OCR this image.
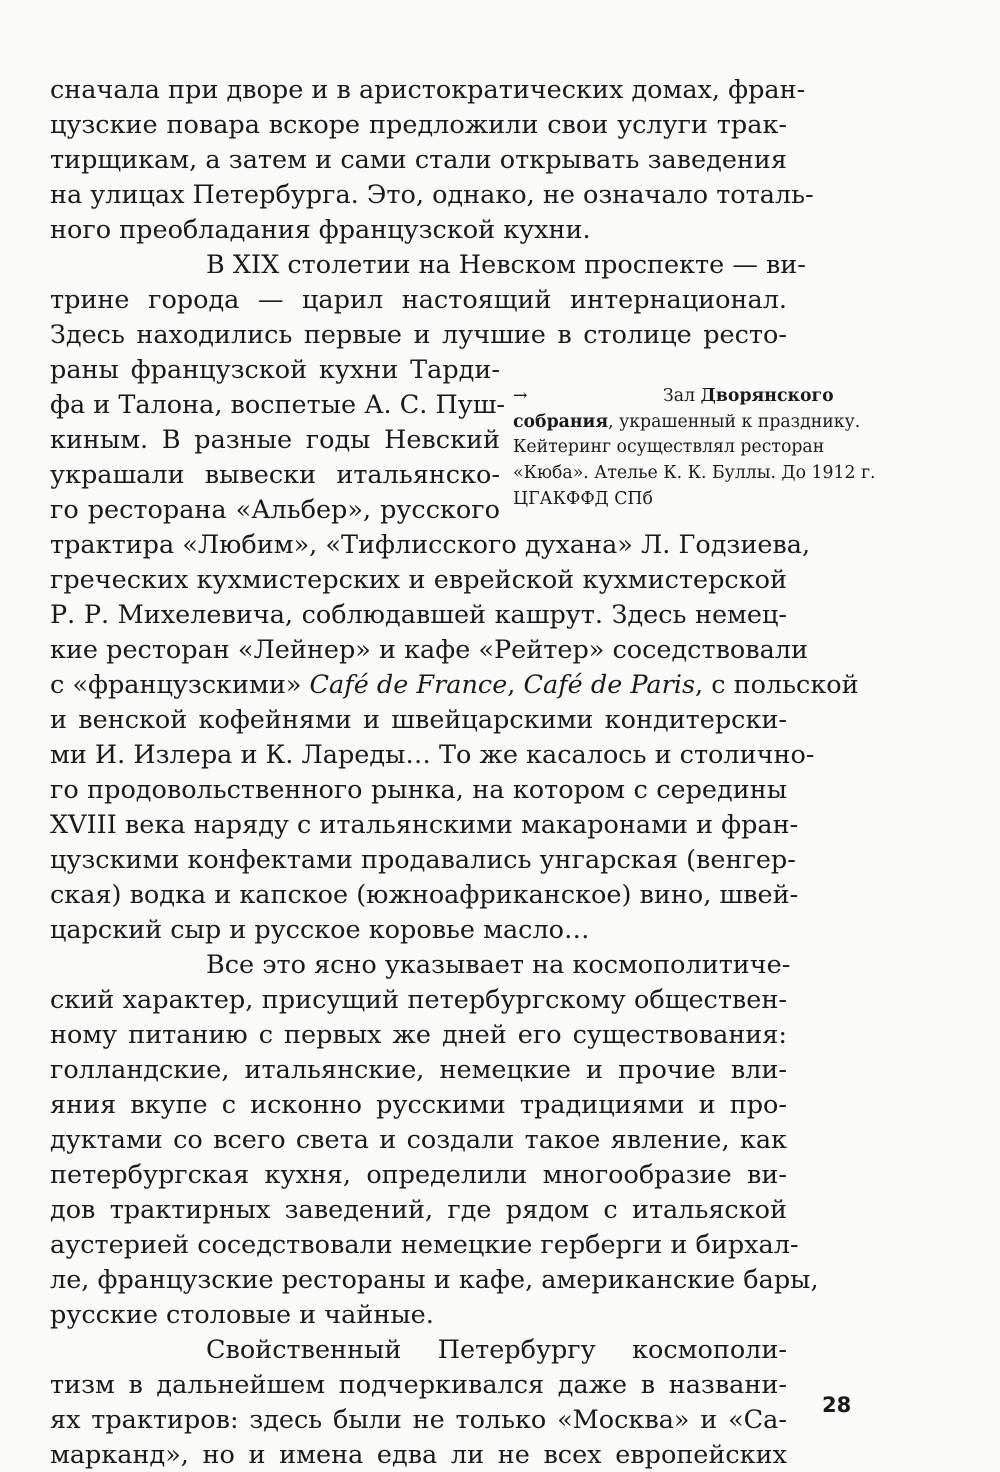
сначала при дворе и в аристократических домах, фран-
цузские повара вскоре предложили свои услуги трак-
тирщикам, а затем и сами стали открывать заведения
на улицах Петербурга. Это, однако, не означало тоталь-
ного преобладания французской кухни.
В XIX столетии на Невском проспекте — ви-
трине города — царил настоящий интернационал.
Здесь находились первые и лучшие в столице ресто-
раны французской кухни Тарди-
фа и Талона, воспетые А. С. Пуш-
киным. В разные годы Невский
украшали вывески итальянско-
го ресторана «Альбер», русского
трактира «Любим», «Тифлисского духана» Л. Годзиева,
греческих кухмистерских и еврейской кухмистерской
Р. Р. Михелевича, соблюдавшей кашрут. Здесь немец-
кие ресторан «Лейнер» и кафе «Рейтер» соседствовали
с «французскими» Café de France, Café de Paris, с польской
и венской кофейнями и швейцарскими кондитерски-
ми И. Излера и К. Лареды… То же касалось и столично-
го продовольственного рынка, на котором с середины
XVIII века наряду с итальянскими макаронами и фран-
цузскими конфектами продавались унгарская (венгер-
ская) водка и капское (южноафриканское) вино, швей-
царский сыр и русское коровье масло…
Все это ясно указывает на космополитиче-
ский характер, присущий петербургскому обществен-
ному питанию с первых же дней его существования:
голландские, итальянские, немецкие и прочие вли-
яния вкупе с исконно русскими традициями и про-
дуктами со всего света и создали такое явление, как
петербургская кухня, определили многообразие ви-
дов трактирных заведений, где рядом с итальяской
аустерией соседствовали немецкие герберги и бирхал-
ле, французские рестораны и кафе, американские бары,
русские столовые и чайные.
Свойственный Петербургу космополи-
тизм в дальнейшем подчеркивался даже в названи-
ях трактиров: здесь были не только «Москва» и «Са-
марканд», но и имена едва ли не всех европейских
→	Зал Дворянского
собрания, украшенный к празднику.
Кейтеринг осуществлял ресторан
«Кюба». Ателье К. К. Буллы. До 1912 г.
ЦГАКФФД СПб
28
